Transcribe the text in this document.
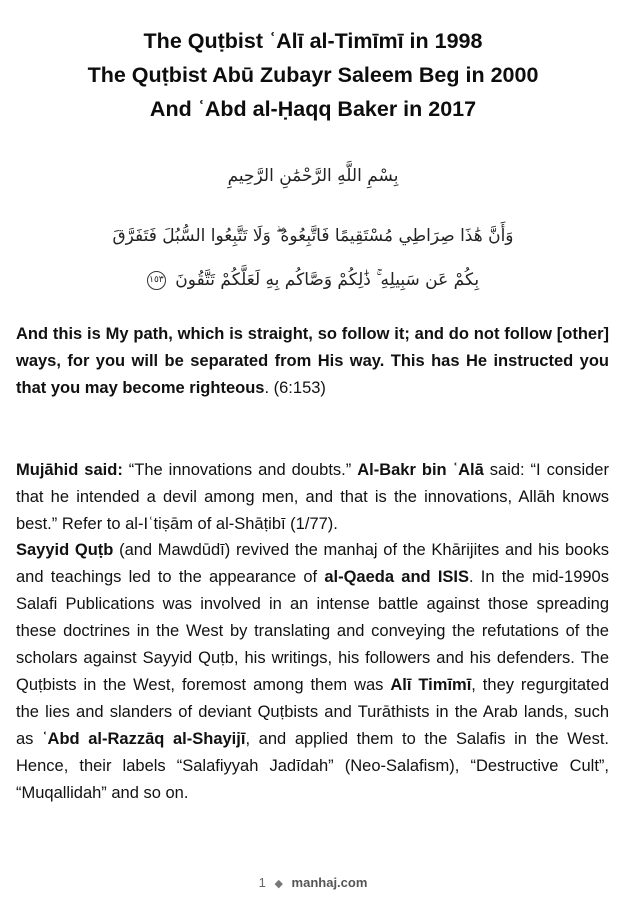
The Quṭbist ʿAlī al-Timīmī in 1998
The Quṭbist Abū Zubayr Saleem Beg in 2000
And ʿAbd al-Ḥaqq Baker in 2017
بِسْمِ اللَّهِ الرَّحْمَٰنِ الرَّحِيمِ
وَأَنَّ هَٰذَا صِرَاطِي مُسْتَقِيمًا فَاتَّبِعُوهُ ۖ وَلَا تَتَّبِعُوا السُّبُلَ فَتَفَرَّقَ بِكُمْ عَن سَبِيلِهِ ۚ ذَٰلِكُمْ وَصَّاكُم بِهِ لَعَلَّكُمْ تَتَّقُونَ ١٥٣
And this is My path, which is straight, so follow it; and do not follow [other] ways, for you will be separated from His way. This has He instructed you that you may become righteous. (6:153)
Mujāhid said: “The innovations and doubts.” Al-Bakr bin ʿAlā said: “I consider that he intended a devil among men, and that is the innovations, Allāh knows best.” Refer to al-Iʿtiṣām of al-Shāṭibī (1/77).
Sayyid Quṭb (and Mawdūdī) revived the manhaj of the Khārijites and his books and teachings led to the appearance of al-Qaeda and ISIS. In the mid-1990s Salafi Publications was involved in an intense battle against those spreading these doctrines in the West by translating and conveying the refutations of the scholars against Sayyid Quṭb, his writings, his followers and his defenders. The Quṭbists in the West, foremost among them was Alī Timīmī, they regurgitated the lies and slanders of deviant Quṭbists and Turāthists in the Arab lands, such as ʿAbd al-Razzāq al-Shayijī, and applied them to the Salafis in the West. Hence, their labels “Salafiyyah Jadīdah” (Neo-Salafism), “Destructive Cult”, “Muqallidah” and so on.
1 ◆ manhaj.com
